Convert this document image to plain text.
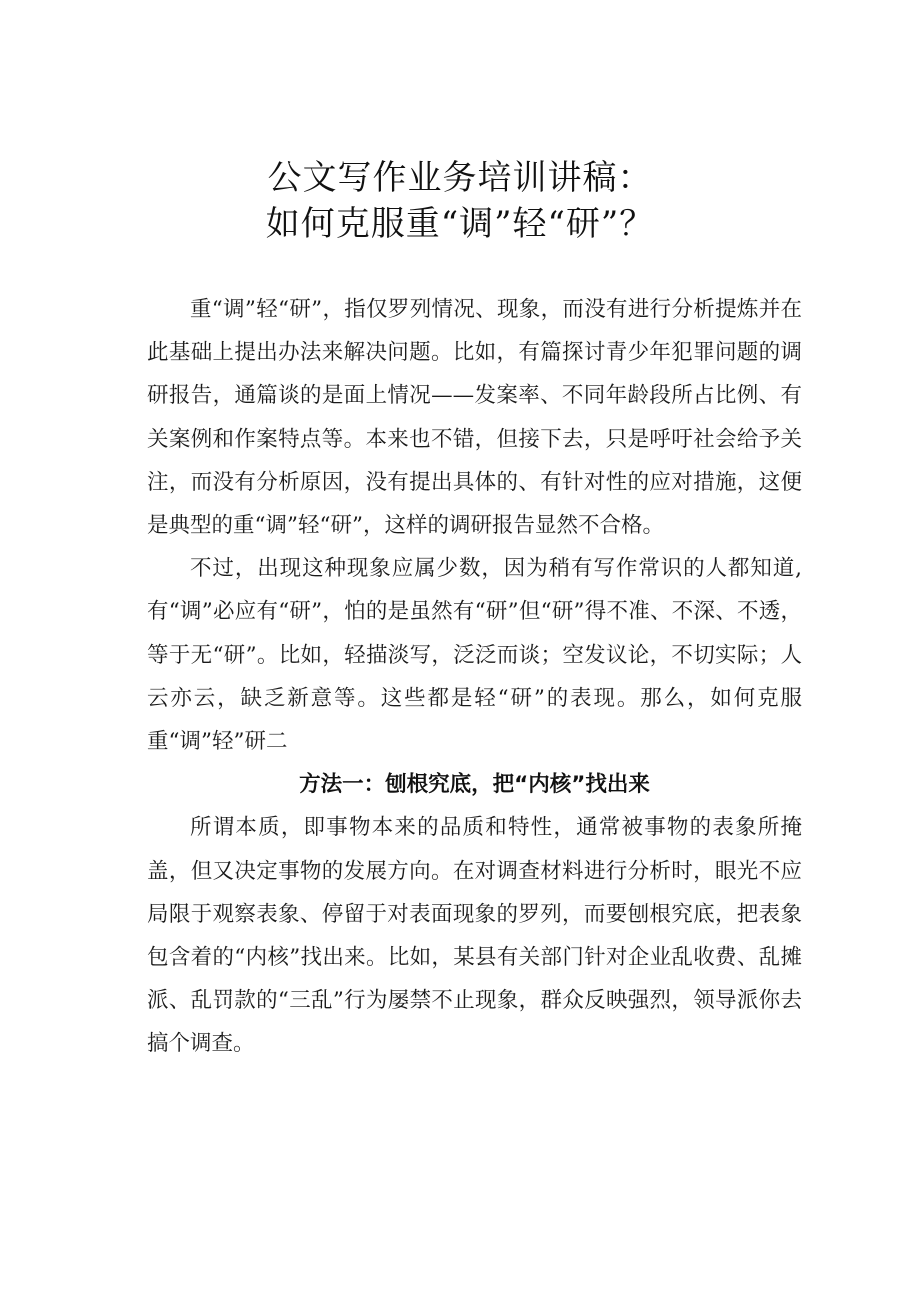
公文写作业务培训讲稿：
如何克服重“调”轻“研”？

重“调”轻“研”，指仅罗列情况、现象，而没有进行分析提炼并在此基础上提出办法来解决问题。比如，有篇探讨青少年犯罪问题的调研报告，通篇谈的是面上情况——发案率、不同年龄段所占比例、有关案例和作案特点等。本来也不错，但接下去，只是呼吁社会给予关注，而没有分析原因，没有提出具体的、有针对性的应对措施，这便是典型的重“调”轻“研”，这样的调研报告显然不合格。

不过，出现这种现象应属少数，因为稍有写作常识的人都知道,有“调”必应有“研”，怕的是虽然有“研”但“研”得不准、不深、不透，等于无“研”。比如，轻描淡写，泛泛而谈；空发议论，不切实际；人云亦云，缺乏新意等。这些都是轻“研”的表现。那么，如何克服重“调”轻”研二

方法一：刨根究底，把“内核”找出来

所谓本质，即事物本来的品质和特性，通常被事物的表象所掩盖，但又决定事物的发展方向。在对调查材料进行分析时，眼光不应局限于观察表象、停留于对表面现象的罗列，而要刨根究底，把表象包含着的“内核”找出来。比如，某县有关部门针对企业乱收费、乱摊派、乱罚款的“三乱”行为屡禁不止现象，群众反映强烈，领导派你去搞个调查。
